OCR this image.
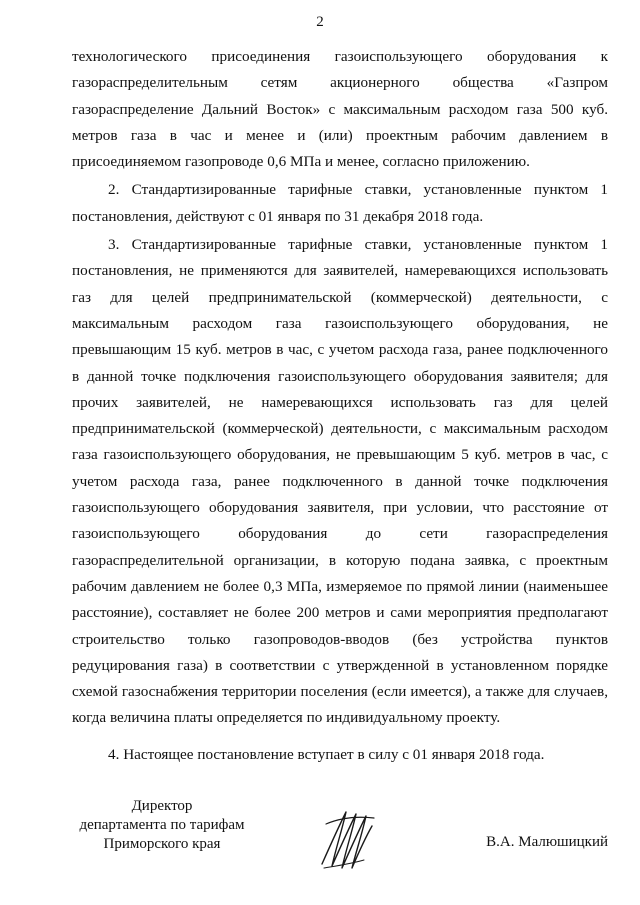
2

технологического присоединения газоиспользующего оборудования к газораспределительным сетям акционерного общества «Газпром газораспределение Дальний Восток» с максимальным расходом газа 500 куб. метров газа в час и менее и (или) проектным рабочим давлением в присоединяемом газопроводе 0,6 МПа и менее, согласно приложению.

2. Стандартизированные тарифные ставки, установленные пунктом 1 постановления, действуют с 01 января по 31 декабря 2018 года.

3. Стандартизированные тарифные ставки, установленные пунктом 1 постановления, не применяются для заявителей, намеревающихся использовать газ для целей предпринимательской (коммерческой) деятельности, с максимальным расходом газа газоиспользующего оборудования, не превышающим 15 куб. метров в час, с учетом расхода газа, ранее подключенного в данной точке подключения газоиспользующего оборудования заявителя; для прочих заявителей, не намеревающихся использовать газ для целей предпринимательской (коммерческой) деятельности, с максимальным расходом газа газоиспользующего оборудования, не превышающим 5 куб. метров в час, с учетом расхода газа, ранее подключенного в данной точке подключения газоиспользующего оборудования заявителя, при условии, что расстояние от газоиспользующего оборудования до сети газораспределения газораспределительной организации, в которую подана заявка, с проектным рабочим давлением не более 0,3 МПа, измеряемое по прямой линии (наименьшее расстояние), составляет не более 200 метров и сами мероприятия предполагают строительство только газопроводов-вводов (без устройства пунктов редуцирования газа) в соответствии с утвержденной в установленном порядке схемой газоснабжения территории поселения (если имеется), а также для случаев, когда величина платы определяется по индивидуальному проекту.

4. Настоящее постановление вступает в силу с 01 января 2018 года.

Директор
департамента по тарифам
Приморского края	В.А. Малюшицкий
